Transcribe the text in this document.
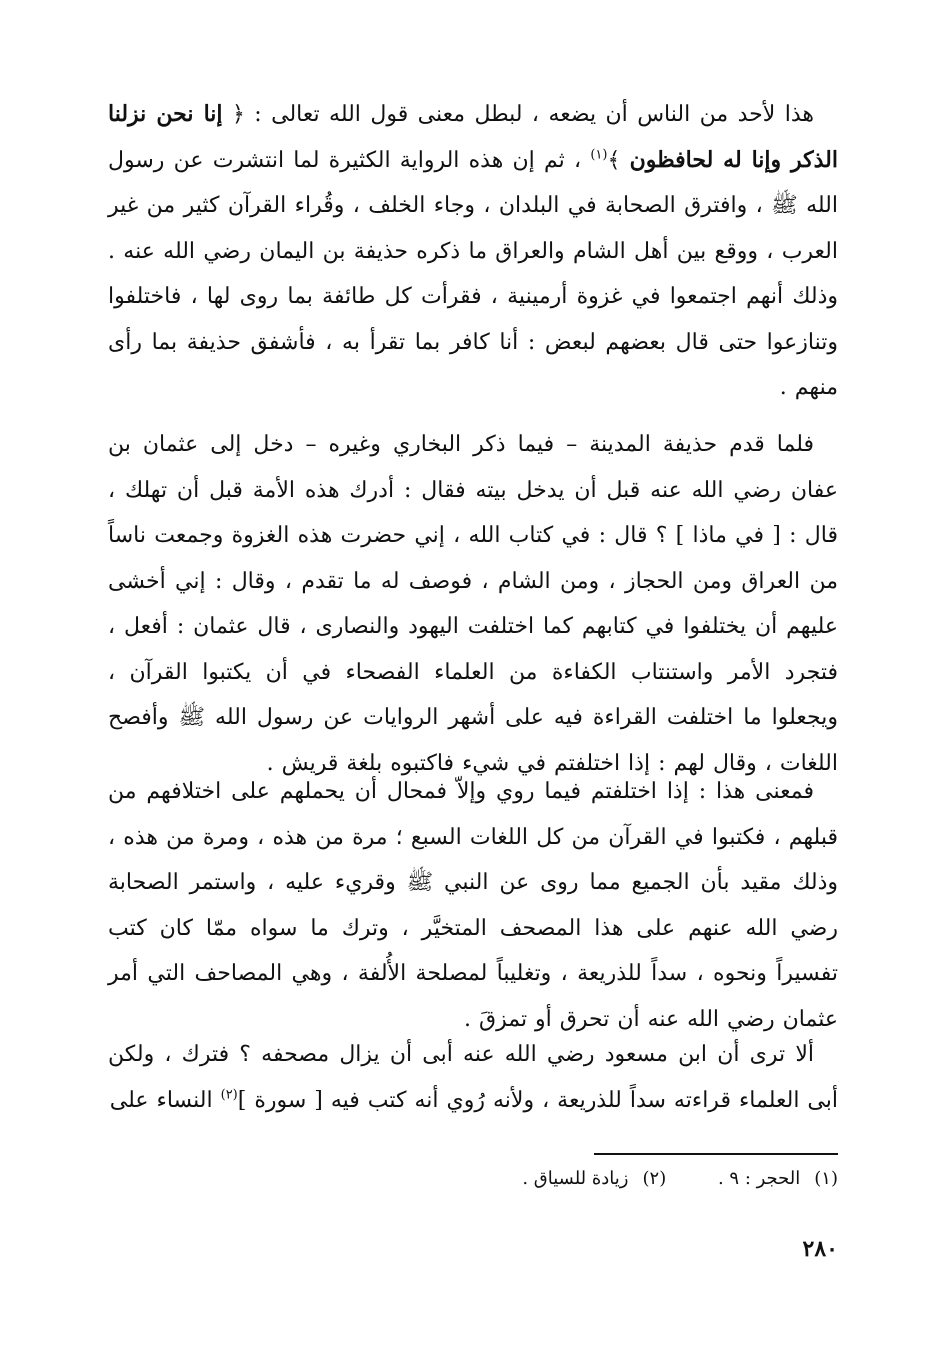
هذا لأحد من الناس أن يضعه ، لبطل معنى قول الله تعالى : ﴿ إنا نحن نزلنا الذكر وإنا له لحافظون ﴾$^{(١)}$ ، ثم إن هذه الرواية الكثيرة لما انتشرت عن رسول الله ﷺ ، وافترق الصحابة في البلدان ، وجاء الخلف ، وقُراء القرآن كثير من غير العرب ، ووقع بين أهل الشام والعراق ما ذكره حذيفة بن اليمان رضي الله عنه . وذلك أنهم اجتمعوا في غزوة أرمينية ، فقرأت كل طائفة بما روى لها ، فاختلفوا وتنازعوا حتى قال بعضهم لبعض : أنا كافر بما تقرأ به ، فأشفق حذيفة بما رأى منهم .

فلما قدم حذيفة المدينة – فيما ذكر البخاري وغيره – دخل إلى عثمان بن عفان رضي الله عنه قبل أن يدخل بيته فقال : أدرك هذه الأمة قبل أن تهلك ، قال : [ في ماذا ] ؟ قال : في كتاب الله ، إني حضرت هذه الغزوة وجمعت ناساً من العراق ومن الحجاز ، ومن الشام ، فوصف له ما تقدم ، وقال : إني أخشى عليهم أن يختلفوا في كتابهم كما اختلفت اليهود والنصارى ، قال عثمان : أفعل ، فتجرد الأمر واستنتاب الكفاءة من العلماء الفصحاء في أن يكتبوا القرآن ، ويجعلوا ما اختلفت القراءة فيه على أشهر الروايات عن رسول الله ﷺ وأفصح اللغات ، وقال لهم : إذا اختلفتم في شيء فاكتبوه بلغة قريش .

فمعنى هذا : إذا اختلفتم فيما روي وإلاّ فمحال أن يحملهم على اختلافهم من قبلهم ، فكتبوا في القرآن من كل اللغات السبع ؛ مرة من هذه ، ومرة من هذه ، وذلك مقيد بأن الجميع مما روى عن النبي ﷺ وقريء عليه ، واستمر الصحابة رضي الله عنهم على هذا المصحف المتخيَّر ، وترك ما سواه ممّا كان كتب تفسيراً ونحوه ، سداً للذريعة ، وتغليباً لمصلحة الأُلفة ، وهي المصاحف التي أمر عثمان رضي الله عنه أن تحرق أو تمزقَ .

ألا ترى أن ابن مسعود رضي الله عنه أبى أن يزال مصحفه ؟ فترك ، ولكن أبى العلماء قراءته سداً للذريعة ، ولأنه رُوي أنه كتب فيه [ سورة ]$^{(٢)}$ النساء على

(١)الحجر : ٩ . (٢)زيادة للسياق .
٢٨٠
